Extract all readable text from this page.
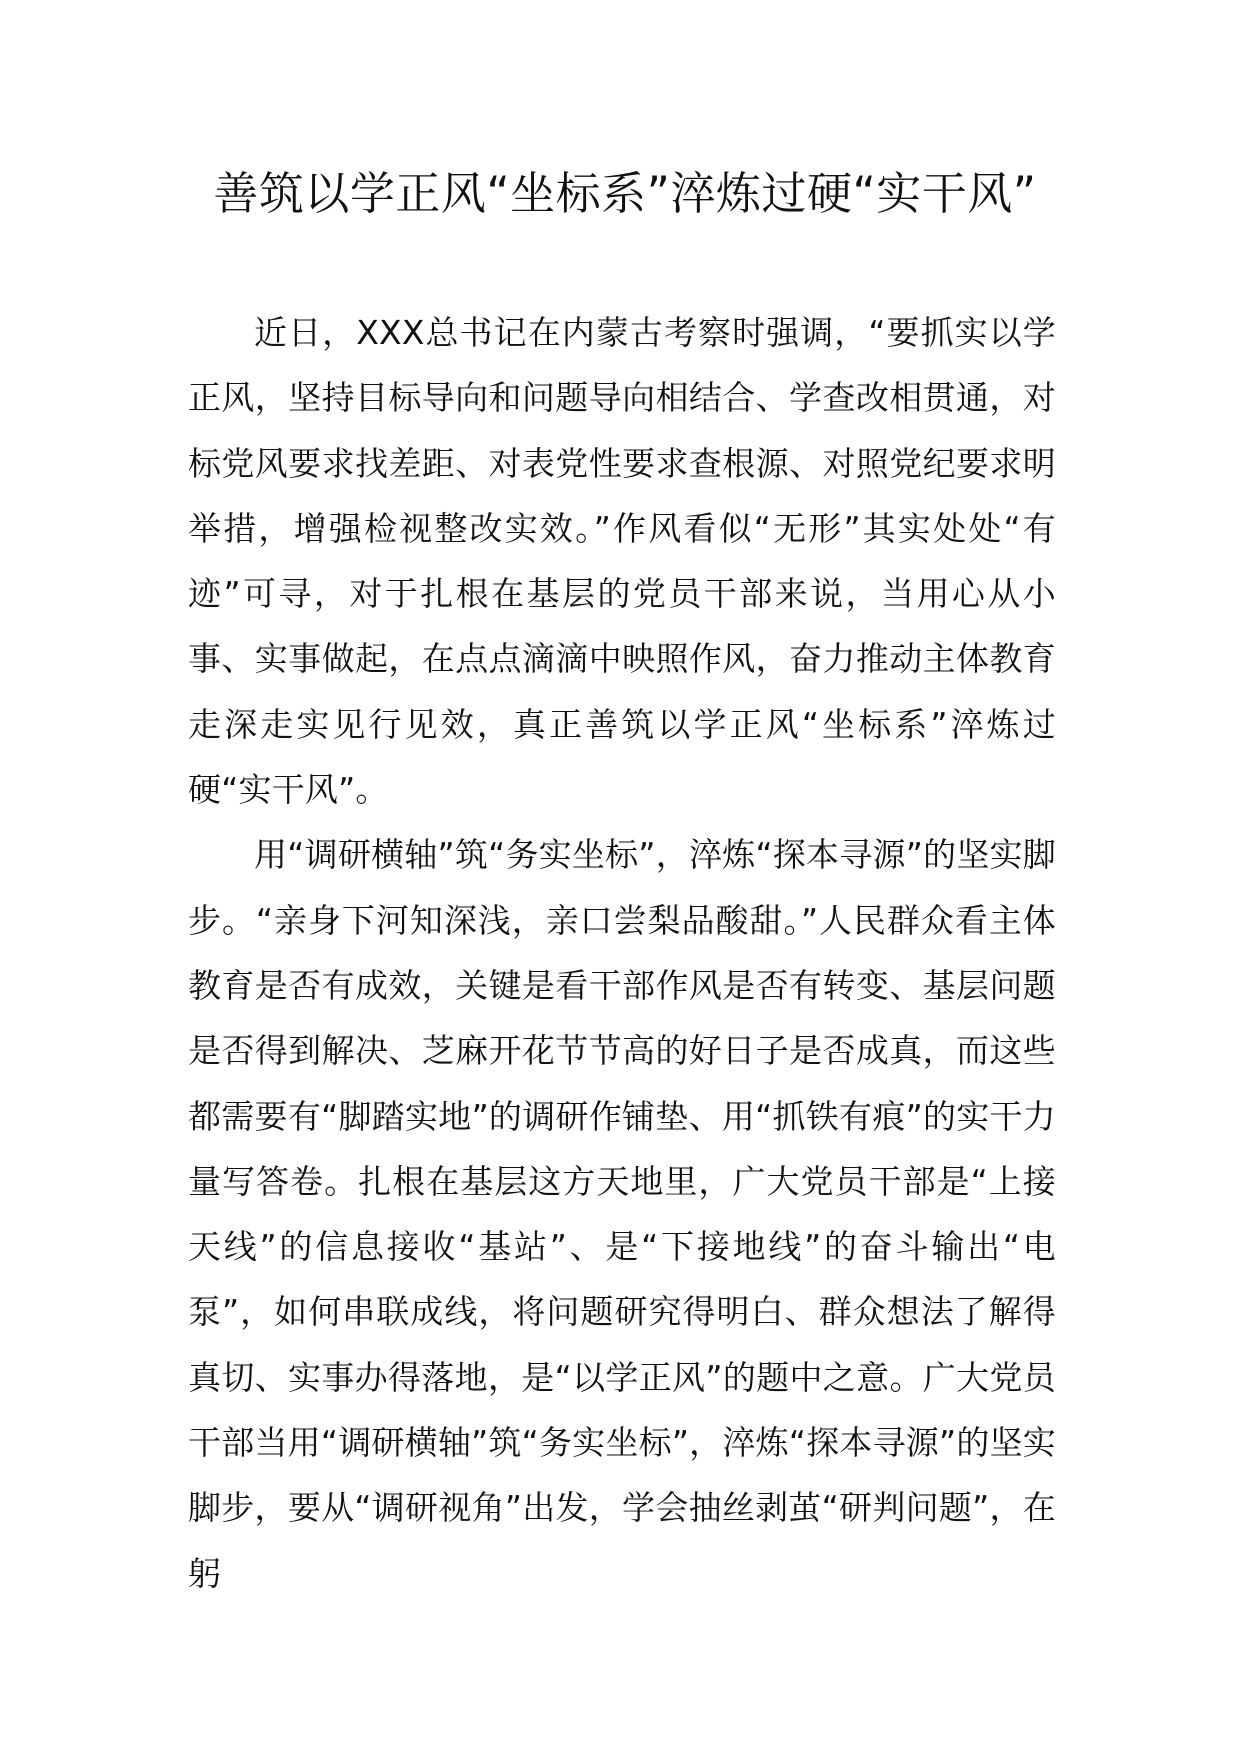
善筑以学正风“坐标系”淬炼过硬“实干风”

近日，XXX总书记在内蒙古考察时强调，“要抓实以学正风，坚持目标导向和问题导向相结合、学查改相贯通，对标党风要求找差距、对表党性要求查根源、对照党纪要求明举措，增强检视整改实效。”作风看似“无形”其实处处“有迹”可寻，对于扎根在基层的党员干部来说，当用心从小事、实事做起，在点点滴滴中映照作风，奋力推动主体教育走深走实见行见效，真正善筑以学正风“坐标系”淬炼过硬“实干风”。

用“调研横轴”筑“务实坐标”，淬炼“探本寻源”的坚实脚步。“亲身下河知深浅，亲口尝梨品酸甜。”人民群众看主体教育是否有成效，关键是看干部作风是否有转变、基层问题是否得到解决、芝麻开花节节高的好日子是否成真，而这些都需要有“脚踏实地”的调研作铺垫、用“抓铁有痕”的实干力量写答卷。扎根在基层这方天地里，广大党员干部是“上接天线”的信息接收“基站”、是“下接地线”的奋斗输出“电泵”，如何串联成线，将问题研究得明白、群众想法了解得真切、实事办得落地，是“以学正风”的题中之意。广大党员干部当用“调研横轴”筑“务实坐标”，淬炼“探本寻源”的坚实脚步，要从“调研视角”出发，学会抽丝剥茧“研判问题”，在躬
